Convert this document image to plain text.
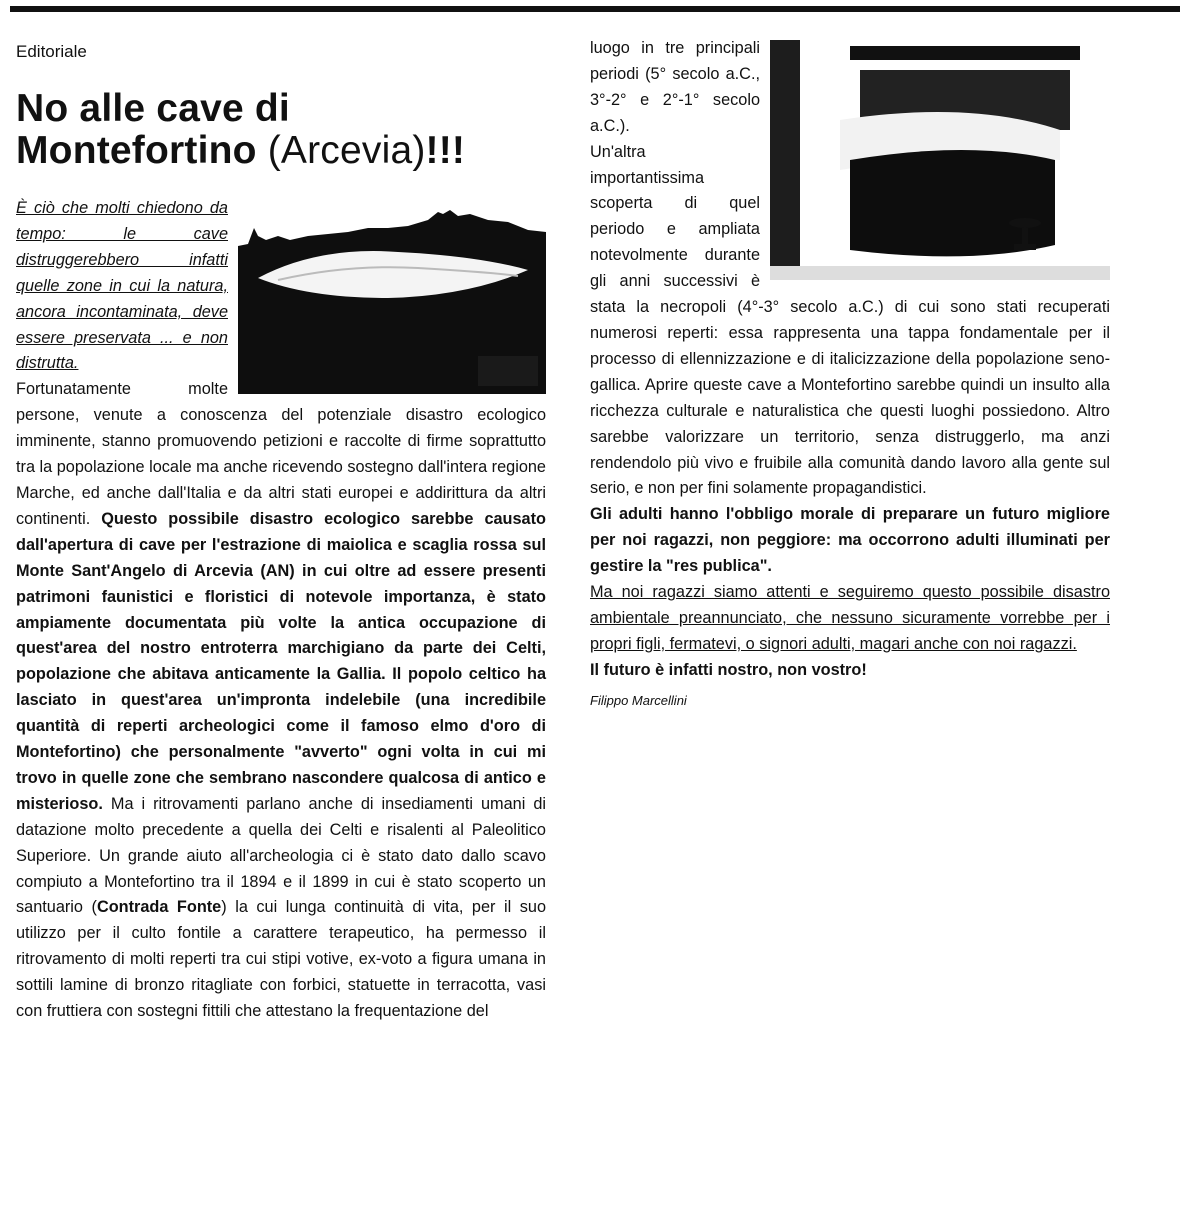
Editoriale
No alle cave di
Montefortino (Arcevia)!!!

È ciò che molti chiedono da tempo: le cave distruggerebbero infatti quelle zone in cui la natura, ancora incontaminata, deve essere preservata ... e non distrutta.

Fortunatamente molte persone, venute a conoscenza del potenziale disastro ecologico imminente, stanno promuovendo petizioni e raccolte di firme soprattutto tra la popolazione locale ma anche ricevendo sostegno dall'intera regione Marche, ed anche dall'Italia e da altri stati europei e addirittura da altri continenti. Questo possibile disastro ecologico sarebbe causato dall'apertura di cave per l'estrazione di maiolica e scaglia rossa sul Monte Sant'Angelo di Arcevia (AN) in cui oltre ad essere presenti patrimoni faunistici e floristici di notevole importanza, è stato ampiamente documentata più volte la antica occupazione di quest'area del nostro entroterra marchigiano da parte dei Celti, popolazione che abitava anticamente la Gallia. Il popolo celtico ha lasciato in quest'area un'impronta indelebile (una incredibile quantità di reperti archeologici come il famoso elmo d'oro di Montefortino) che personalmente "avverto" ogni volta in cui mi trovo in quelle zone che sembrano nascondere qualcosa di antico e misterioso. Ma i ritrovamenti parlano anche di insediamenti umani di datazione molto precedente a quella dei Celti e risalenti al Paleolitico Superiore. Un grande aiuto all'archeologia ci è stato dato dallo scavo compiuto a Montefortino tra il 1894 e il 1899 in cui è stato scoperto un santuario (Contrada Fonte) la cui lunga continuità di vita, per il suo utilizzo per il culto fontile a carattere terapeutico, ha permesso il ritrovamento di molti reperti tra cui stipi votive, ex-voto a figura umana in sottili lamine di bronzo ritagliate con forbici, statuette in terracotta, vasi con fruttiera con sostegni fittili che attestano la frequentazione del

luogo in tre principali periodi (5° secolo a.C., 3°-2° e 2°-1° secolo a.C.).

Un'altra importantissima scoperta di quel periodo e ampliata notevolmente durante gli anni successivi è stata la necropoli (4°-3° secolo a.C.) di cui sono stati recuperati numerosi reperti: essa rappresenta una tappa fondamentale per il processo di ellennizzazione e di italicizzazione della popolazione seno-gallica. Aprire queste cave a Montefortino sarebbe quindi un insulto alla ricchezza culturale e naturalistica che questi luoghi possiedono. Altro sarebbe valorizzare un territorio, senza distruggerlo, ma anzi rendendolo più vivo e fruibile alla comunità dando lavoro alla gente sul serio, e non per fini solamente propagandistici.

Gli adulti hanno l'obbligo morale di preparare un futuro migliore per noi ragazzi, non peggiore: ma occorrono adulti illuminati per gestire la "res publica".

Ma noi ragazzi siamo attenti e seguiremo questo possibile disastro ambientale preannunciato, che nessuno sicuramente vorrebbe per i propri figli, fermatevi, o signori adulti, magari anche con noi ragazzi.

Il futuro è infatti nostro, non vostro!

Filippo Marcellini
